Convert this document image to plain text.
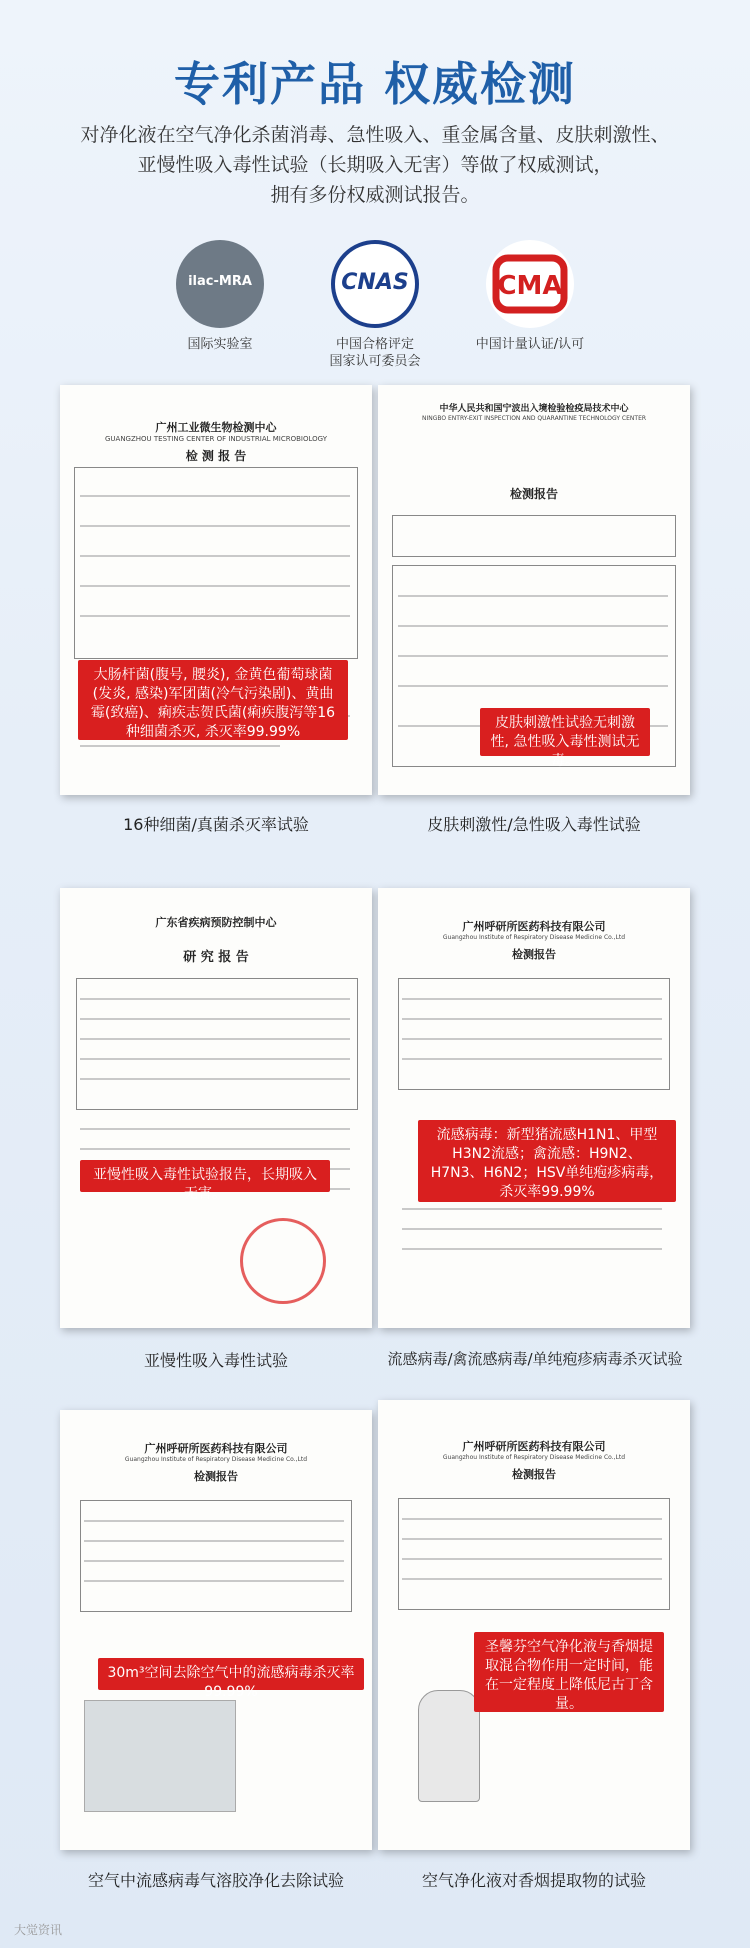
专利产品 权威检测
对净化液在空气净化杀菌消毒、急性吸入、重金属含量、皮肤刺激性、
亚慢性吸入毒性试验（长期吸入无害）等做了权威测试，
拥有多份权威测试报告。
ilac-MRA
国际实验室
CNAS
中国合格评定
国家认可委员会
CMA
中国计量认证/认可
广州工业微生物检测中心
GUANGZHOU TESTING CENTER OF INDUSTRIAL MICROBIOLOGY
检 测 报 告
大肠杆菌(腹号, 腰炎), 金黄色葡萄球菌(发炎, 感染)军团菌(冷气污染剧)、黄曲霉(致癌)、痢疾志贺氏菌(痢疾腹泻等16种细菌杀灭, 杀灭率99.99%
16种细菌/真菌杀灭率试验
中华人民共和国宁波出入境检验检疫局技术中心
NINGBO ENTRY-EXIT INSPECTION AND QUARANTINE TECHNOLOGY CENTER
检测报告
皮肤刺激性试验无刺激性, 急性吸入毒性测试无毒。
皮肤刺激性/急性吸入毒性试验
广东省疾病预防控制中心
研 究 报 告
亚慢性吸入毒性试验报告，长期吸入无害。
亚慢性吸入毒性试验
广州呼研所医药科技有限公司
Guangzhou Institute of Respiratory Disease Medicine Co.,Ltd
检测报告
流感病毒：新型猪流感H1N1、甲型H3N2流感；禽流感：H9N2、H7N3、H6N2；HSV单纯疱疹病毒，杀灭率99.99%
流感病毒/禽流感病毒/单纯疱疹病毒杀灭试验
广州呼研所医药科技有限公司
Guangzhou Institute of Respiratory Disease Medicine Co.,Ltd
检测报告
30m³空间去除空气中的流感病毒杀灭率99.99%
空气中流感病毒气溶胶净化去除试验
广州呼研所医药科技有限公司
Guangzhou Institute of Respiratory Disease Medicine Co.,Ltd
检测报告
圣馨芬空气净化液与香烟提取混合物作用一定时间，能在一定程度上降低尼古丁含量。
空气净化液对香烟提取物的试验
大觉资讯
